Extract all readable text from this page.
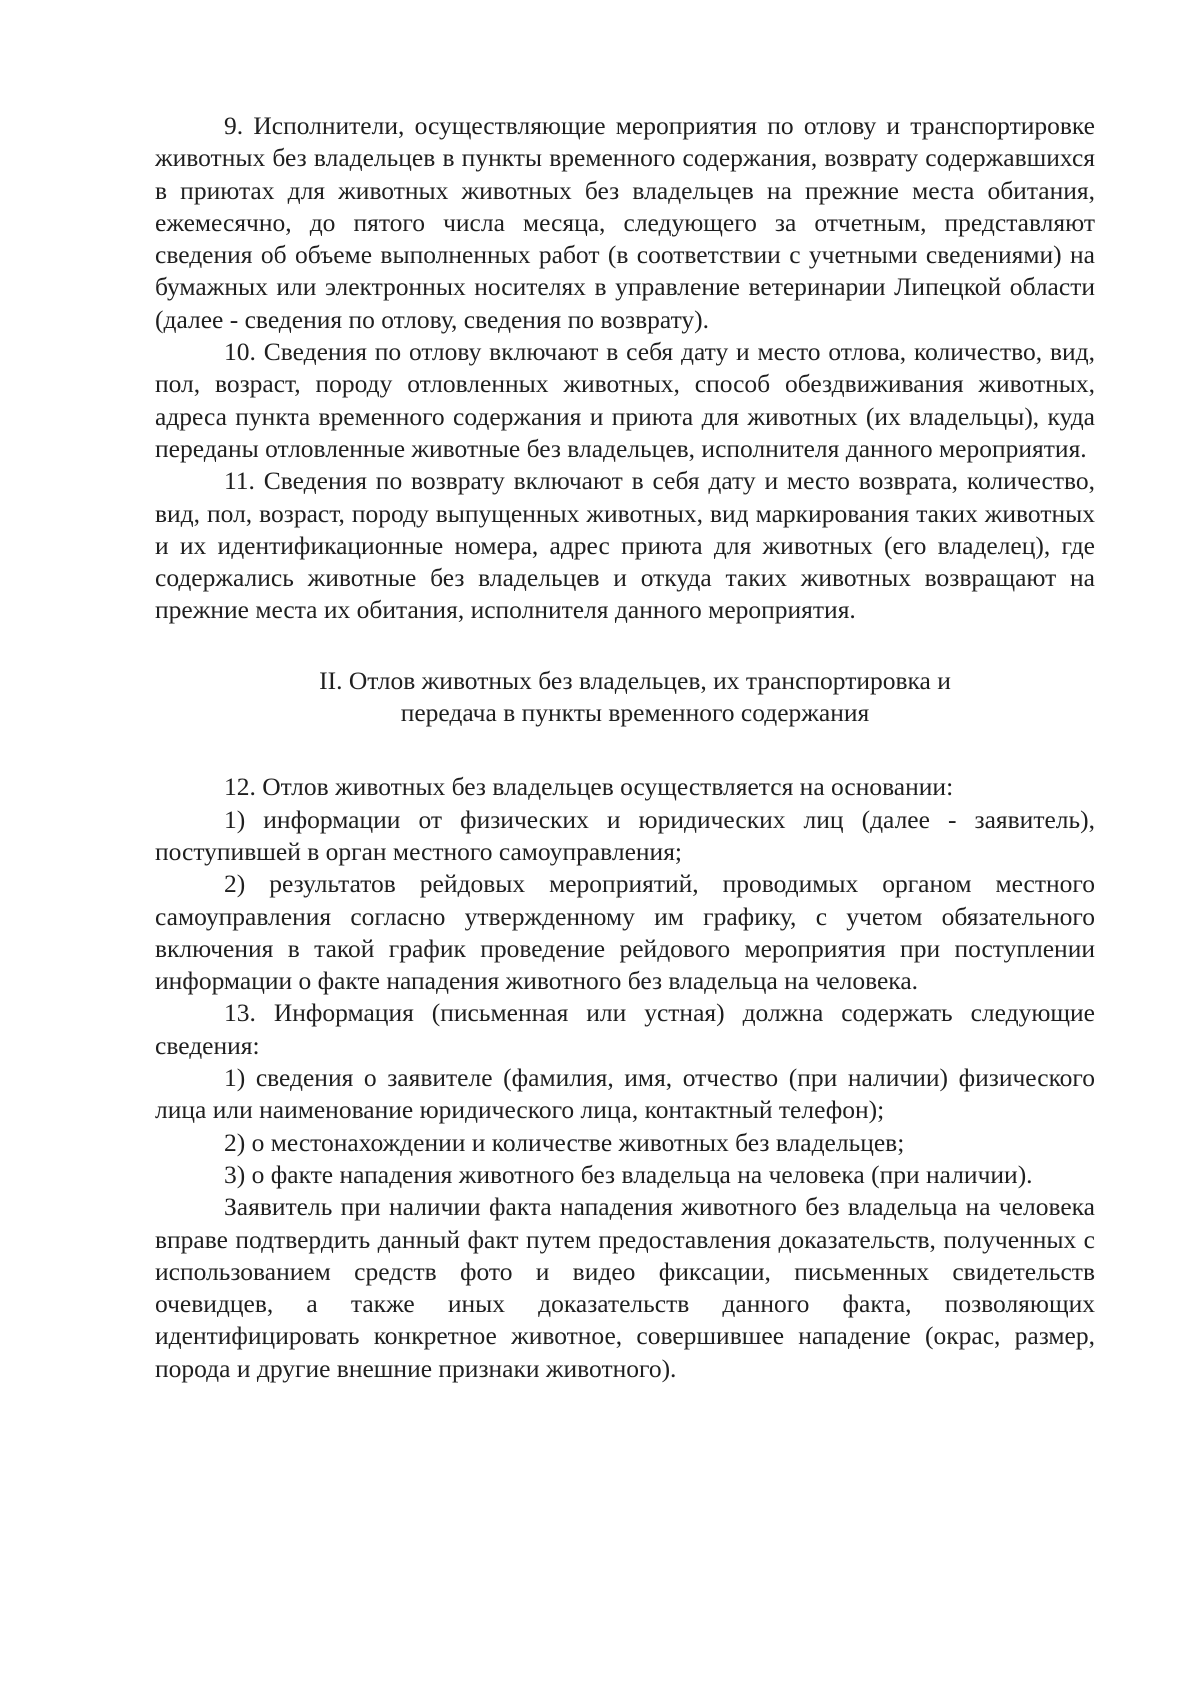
9. Исполнители, осуществляющие мероприятия по отлову и транспортировке животных без владельцев в пункты временного содержания, возврату содержавшихся в приютах для животных животных без владельцев на прежние места обитания, ежемесячно, до пятого числа месяца, следующего за отчетным, представляют сведения об объеме выполненных работ (в соответствии с учетными сведениями) на бумажных или электронных носителях в управление ветеринарии Липецкой области (далее - сведения по отлову, сведения по возврату).

10. Сведения по отлову включают в себя дату и место отлова, количество, вид, пол, возраст, породу отловленных животных, способ обездвиживания животных, адреса пункта временного содержания и приюта для животных (их владельцы), куда переданы отловленные животные без владельцев, исполнителя данного мероприятия.

11. Сведения по возврату включают в себя дату и место возврата, количество, вид, пол, возраст, породу выпущенных животных, вид маркирования таких животных и их идентификационные номера, адрес приюта для животных (его владелец), где содержались животные без владельцев и откуда таких животных возвращают на прежние места их обитания, исполнителя данного мероприятия.

II. Отлов животных без владельцев, их транспортировка и
передача в пункты временного содержания

12. Отлов животных без владельцев осуществляется на основании:

1) информации от физических и юридических лиц (далее - заявитель), поступившей в орган местного самоуправления;

2) результатов рейдовых мероприятий, проводимых органом местного самоуправления согласно утвержденному им графику, с учетом обязательного включения в такой график проведение рейдового мероприятия при поступлении информации о факте нападения животного без владельца на человека.

13. Информация (письменная или устная) должна содержать следующие сведения:

1) сведения о заявителе (фамилия, имя, отчество (при наличии) физического лица или наименование юридического лица, контактный телефон);

2) о местонахождении и количестве животных без владельцев;

3) о факте нападения животного без владельца на человека (при наличии).

Заявитель при наличии факта нападения животного без владельца на человека вправе подтвердить данный факт путем предоставления доказательств, полученных с использованием средств фото и видео фиксации, письменных свидетельств очевидцев, а также иных доказательств данного факта, позволяющих идентифицировать конкретное животное, совершившее нападение (окрас, размер, порода и другие внешние признаки животного).
